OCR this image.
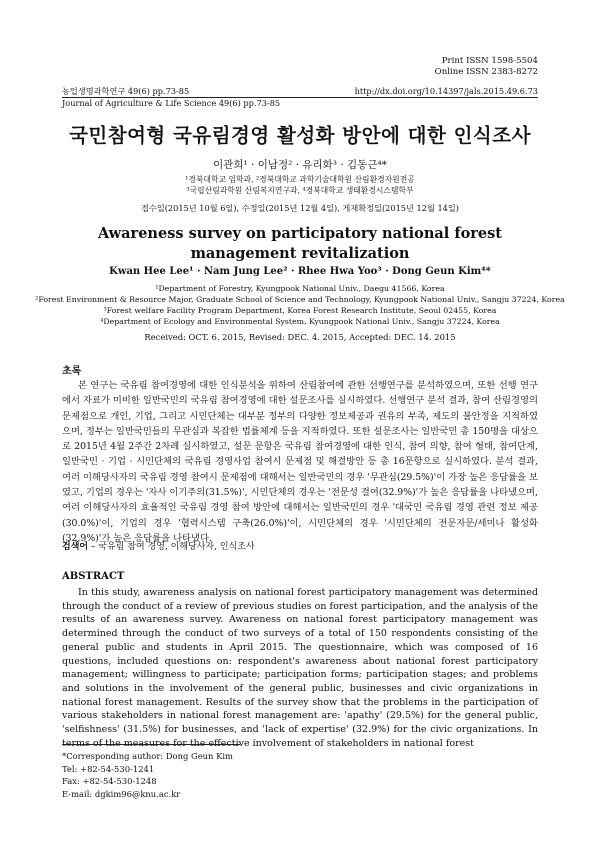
Print ISSN 1598-5504
Online ISSN 2383-8272
농업생명과학연구 49(6) pp.73-85
Journal of Agriculture & Life Science 49(6) pp.73-85
http://dx.doi.org/10.14397/jals.2015.49.6.73
국민참여형 국유림경영 활성화 방안에 대한 인식조사
이관희¹ · 이남정² · 유리화³ · 김동근⁴*
¹경북대학교 임학과, ²경북대학교 과학기술대학원 산림환경자원전공
³국립산림과학원 산림복지연구과, ⁴경북대학교 생태환경시스템학부
접수일(2015년 10월 6일), 수정일(2015년 12월 4일), 게재확정일(2015년 12월 14일)
Awareness survey on participatory national forest
management revitalization
Kwan Hee Lee¹ · Nam Jung Lee² · Rhee Hwa Yoo³ · Dong Geun Kim⁴*
¹Department of Forestry, Kyungpook National Univ., Daegu 41566, Korea
²Forest Environment & Resource Major, Graduate School of Science and Technology, Kyungpook National Univ., Sangju 37224, Korea
³Forest welfare Facility Program Department, Korea Forest Research Institute, Seoul 02455, Korea
⁴Department of Ecology and Environmental System, Kyungpook National Univ., Sangju 37224, Korea
Received: OCT. 6. 2015, Revised: DEC. 4. 2015, Accepted: DEC. 14. 2015
초록

본 연구는 국유림 참여경영에 대한 인식분석을 위하여 산림참여에 관한 선행연구를 분석하였으며, 또한 선행 연구에서 자료가 미비한 일반국민의 국유림 참여경영에 대한 설문조사를 실시하였다. 선행연구 분석 결과, 참여 산림경영의 문제점으로 개인, 기업, 그리고 시민단체는 대부분 정부의 다양한 정보제공과 권유의 부족, 제도의 불안정을 지적하였으며, 정부는 일반국민들의 무관심과 복잡한 법률체계 등을 지적하였다. 또한 설문조사는 일반국민 총 150명을 대상으로 2015년 4월 2주간 2차례 실시하였고, 설문 문항은 국유림 참여경영에 대한 인식, 참여 의향, 참여 형태, 참여단계, 일반국민 · 기업 · 시민단체의 국유림 경영사업 참여시 문제점 및 해결방안 등 총 16문항으로 실시하였다. 분석 결과, 여러 이해당사자의 국유림 경영 참여시 문제점에 대해서는 일반국민의 경우 '무관심(29.5%)'이 가장 높은 응답률을 보였고, 기업의 경우는 '자사 이기주의(31.5%)', 시민단체의 경우는 '전문성 결여(32.9%)'가 높은 응답률을 나타냈으며, 여러 이해당사자의 효율적인 국유림 경영 참여 방안에 대해서는 일반국민의 경우 '대국민 국유림 경영 관련 정보 제공(30.0%)'이, 기업의 경우 '협력시스템 구축(26.0%)'이, 시민단체의 경우 '시민단체의 전문자문/세미나 활성화(32.9%)'가 높은 응답률을 나타냈다.

검색어 – 국유림 참여 경영, 이해당사자, 인식조사
ABSTRACT

In this study, awareness analysis on national forest participatory management was determined through the conduct of a review of previous studies on forest participation, and the analysis of the results of an awareness survey. Awareness on national forest participatory management was determined through the conduct of two surveys of a total of 150 respondents consisting of the general public and students in April 2015. The questionnaire, which was composed of 16 questions, included questions on: respondent's awareness about national forest participatory management; willingness to participate; participation forms; participation stages; and problems and solutions in the involvement of the general public, businesses and civic organizations in national forest management. Results of the survey show that the problems in the participation of various stakeholders in national forest management are: 'apathy' (29.5%) for the general public, 'selfishness' (31.5%) for businesses, and 'lack of expertise' (32.9%) for the civic organizations. In terms of the measures for the effective involvement of stakeholders in national forest

*Corresponding author: Dong Geun Kim
Tel: +82-54-530-1241
Fax: +82-54-530-1248
E-mail: dgkim96@knu.ac.kr
